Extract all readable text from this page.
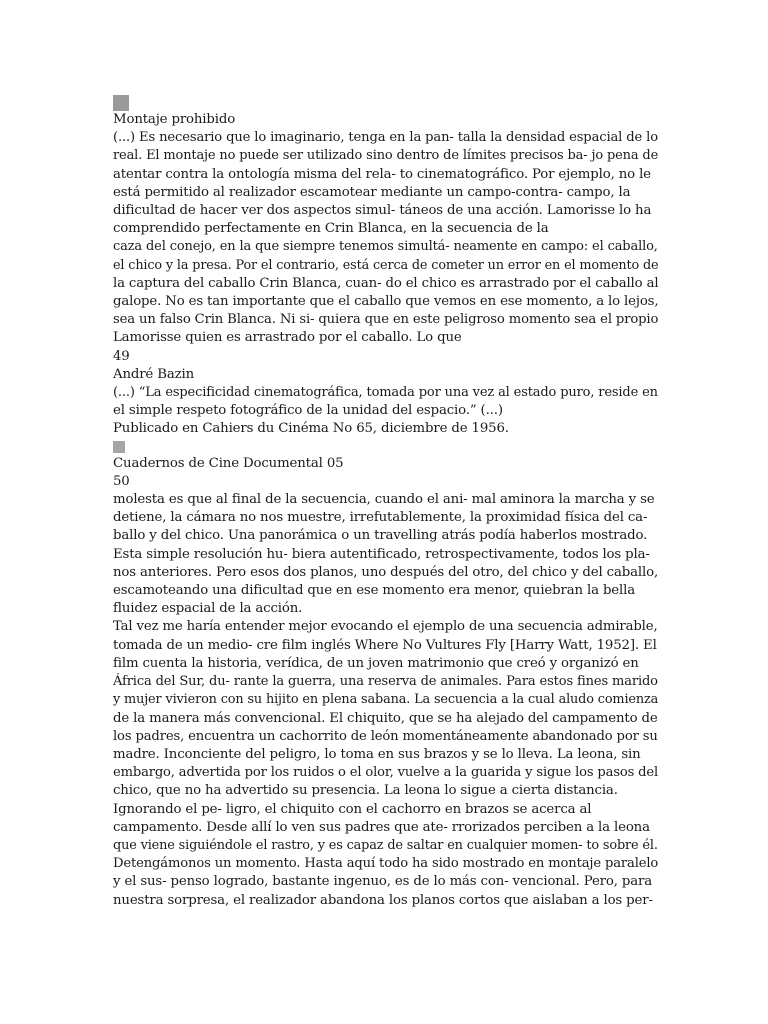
Montaje prohibido
(...) Es necesario que lo imaginario, tenga en la pan- talla la densidad espacial de lo
real. El montaje no puede ser utilizado sino dentro de límites precisos ba- jo pena de
atentar contra la ontología misma del rela- to cinematográfico. Por ejemplo, no le
está permitido al realizador escamotear mediante un campo-contra- campo, la
dificultad de hacer ver dos aspectos simul- táneos de una acción. Lamorisse lo ha
comprendido perfectamente en Crin Blanca, en la secuencia de la
caza del conejo, en la que siempre tenemos simultá- neamente en campo: el caballo,
el chico y la presa. Por el contrario, está cerca de cometer un error en el momento de
la captura del caballo Crin Blanca, cuan- do el chico es arrastrado por el caballo al
galope. No es tan importante que el caballo que vemos en ese momento, a lo lejos,
sea un falso Crin Blanca. Ni si- quiera que en este peligroso momento sea el propio
Lamorisse quien es arrastrado por el caballo. Lo que
49
André Bazin
(...) “La especificidad cinematográfica, tomada por una vez al estado puro, reside en
el simple respeto fotográfico de la unidad del espacio.” (...)
Publicado en Cahiers du Cinéma No 65, diciembre de 1956.
Cuadernos de Cine Documental 05
50
molesta es que al final de la secuencia, cuando el ani- mal aminora la marcha y se
detiene, la cámara no nos muestre, irrefutablemente, la proximidad física del ca-
ballo y del chico. Una panorámica o un travelling atrás podía haberlos mostrado.
Esta simple resolución hu- biera autentificado, retrospectivamente, todos los pla-
nos anteriores. Pero esos dos planos, uno después del otro, del chico y del caballo,
escamoteando una dificultad que en ese momento era menor, quiebran la bella
fluidez espacial de la acción.
Tal vez me haría entender mejor evocando el ejemplo de una secuencia admirable,
tomada de un medio- cre film inglés Where No Vultures Fly [Harry Watt, 1952]. El
film cuenta la historia, verídica, de un joven matrimonio que creó y organizó en
África del Sur, du- rante la guerra, una reserva de animales. Para estos fines marido
y mujer vivieron con su hijito en plena sabana. La secuencia a la cual aludo comienza
de la manera más convencional. El chiquito, que se ha alejado del campamento de
los padres, encuentra un cachorrito de león momentáneamente abandonado por su
madre. Inconciente del peligro, lo toma en sus brazos y se lo lleva. La leona, sin
embargo, advertida por los ruidos o el olor, vuelve a la guarida y sigue los pasos del
chico, que no ha advertido su presencia. La leona lo sigue a cierta distancia.
Ignorando el pe- ligro, el chiquito con el cachorro en brazos se acerca al
campamento. Desde allí lo ven sus padres que ate- rrorizados perciben a la leona
que viene siguiéndole el rastro, y es capaz de saltar en cualquier momen- to sobre él.
Detengámonos un momento. Hasta aquí todo ha sido mostrado en montaje paralelo
y el sus- penso logrado, bastante ingenuo, es de lo más con- vencional. Pero, para
nuestra sorpresa, el realizador abandona los planos cortos que aislaban a los per-
